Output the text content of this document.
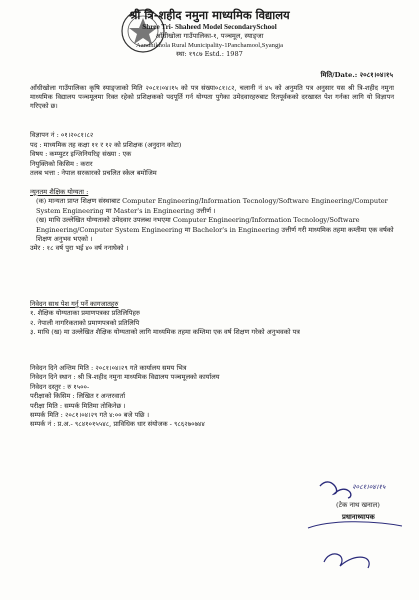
श्री त्रि-शहीद नमुना माध्यमिक विद्यालय
Shree Tri- Shaheed Model SecondarySchool
आँधीखोला गाउँपालिका-१, पञ्चमूल, स्याङ्जा
Aandhikhola Rural Municipality-1Panchamool,Syangja
स्था: १९८७ Estd.: 1987
मिति/Date.: २०८१।०४।१५
आँधीखोला गाउँपालिका कृषि स्याङ्जाको मिति २०८१।०४।१५ को पत्र संख्या०८१।८२, चलानी नं ४५ को अनुमति पत्र अनुसार यस श्री त्रि-शहीद नमुना माध्यमिक विद्यालय पञ्चमूलमा रिक्त रहेको प्रशिक्षकको पदपूर्ति गर्न योग्यता पुगेका उमेदवारहरुबाट रितपूर्वकको दरखास्त पेश गर्नका लागि यो विज्ञापन गरिएको छ।
विज्ञापन नं : ०१।२०८१।८२
पद : माध्यमिक तह कक्षा ११ र १२ को प्रशिक्षक (अनुदान कोटा)
विषय : कम्प्युटर इन्जिनियरिङ् संख्या : एक
नियुक्तिको किसिम : करार
तलब भत्ता : नेपाल सरकारको प्रचलित स्केल बमोजिम
न्यूनतम शैक्षिक योग्यता :
(क) मान्यता प्राप्त शिक्षण संस्थाबाट Computer Engineering/Information Tecnology/Software Engineering/Computer System Engineering मा Master's in Engineering उत्तीर्ण ।
(ख) माथि उल्लेखित योग्यताको उमेदवार उपलब्ध नभएमा Computer Engineering/Information Tecnology/Software Engineering/Computer System Engineering मा Bachelor's in Engineering उत्तीर्ण गरी माध्यमिक तहमा कम्तीमा एक वर्षको शिक्षण अनुभव भएको ।
उमेर : १८ वर्ष पुरा भई ४० वर्ष ननाघेको ।
निवेदन साथ पेश गर्नु पर्ने कागजातहरु
१. शैक्षिक योग्यताका प्रमाणपत्रका प्रतिलिपिहरु
२. नेपाली नागरिकताको प्रमाणपत्रको प्रतिलिपि
३. माथि (ख) मा उल्लेखित शैक्षिक योग्यताको लागि माध्यमिक तहमा कम्तिमा एक वर्ष शिक्षण गरेको अनुभवको पत्र
निवेदन दिने अन्तिम मिति : २०८१।०४।२९ गते कार्यालय समय भित्र
निवेदन दिने स्थान : श्री त्रि-शहीद नमुना माध्यमिक विद्यालय पञ्चमूलको कार्यालय
निवेदन दस्तुर : रु १५००-
परीक्षाको किसिम : लिखित र अन्तरवार्ता
परीक्षा मिति : सम्पर्क मितिमा तोकिनेछ ।
सम्पर्क मिति : २०८१।०४।२९ गते ४:०० बजे पछि ।
सम्पर्क नं : प्र.अ.- ९८४१०१५५४८, प्राविधिक धार संयोजक - ९८६२७०७४४
२०८१।०४।१५
(टेक नाथ खनाल)
प्रधानाध्यापक
